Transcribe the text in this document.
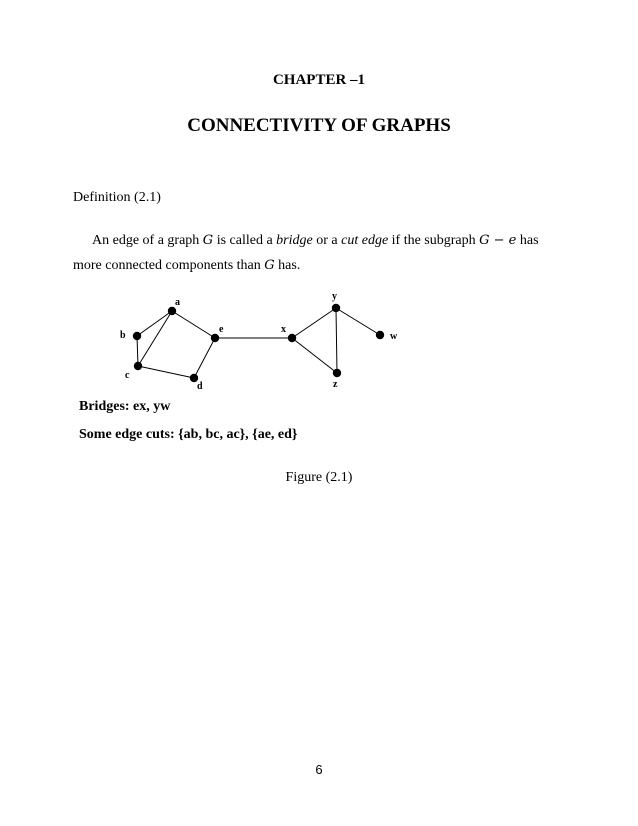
CHAPTER –1
CONNECTIVITY OF GRAPHS
Definition (2.1)
An edge of a graph G is called a bridge or a cut edge if the subgraph G − e has
more connected components than G has.
a
b
c
d
e	x
y
z
w
Bridges: ex, yw
Some edge cuts: {ab, bc, ac}, {ae, ed}
Figure (2.1)
6
